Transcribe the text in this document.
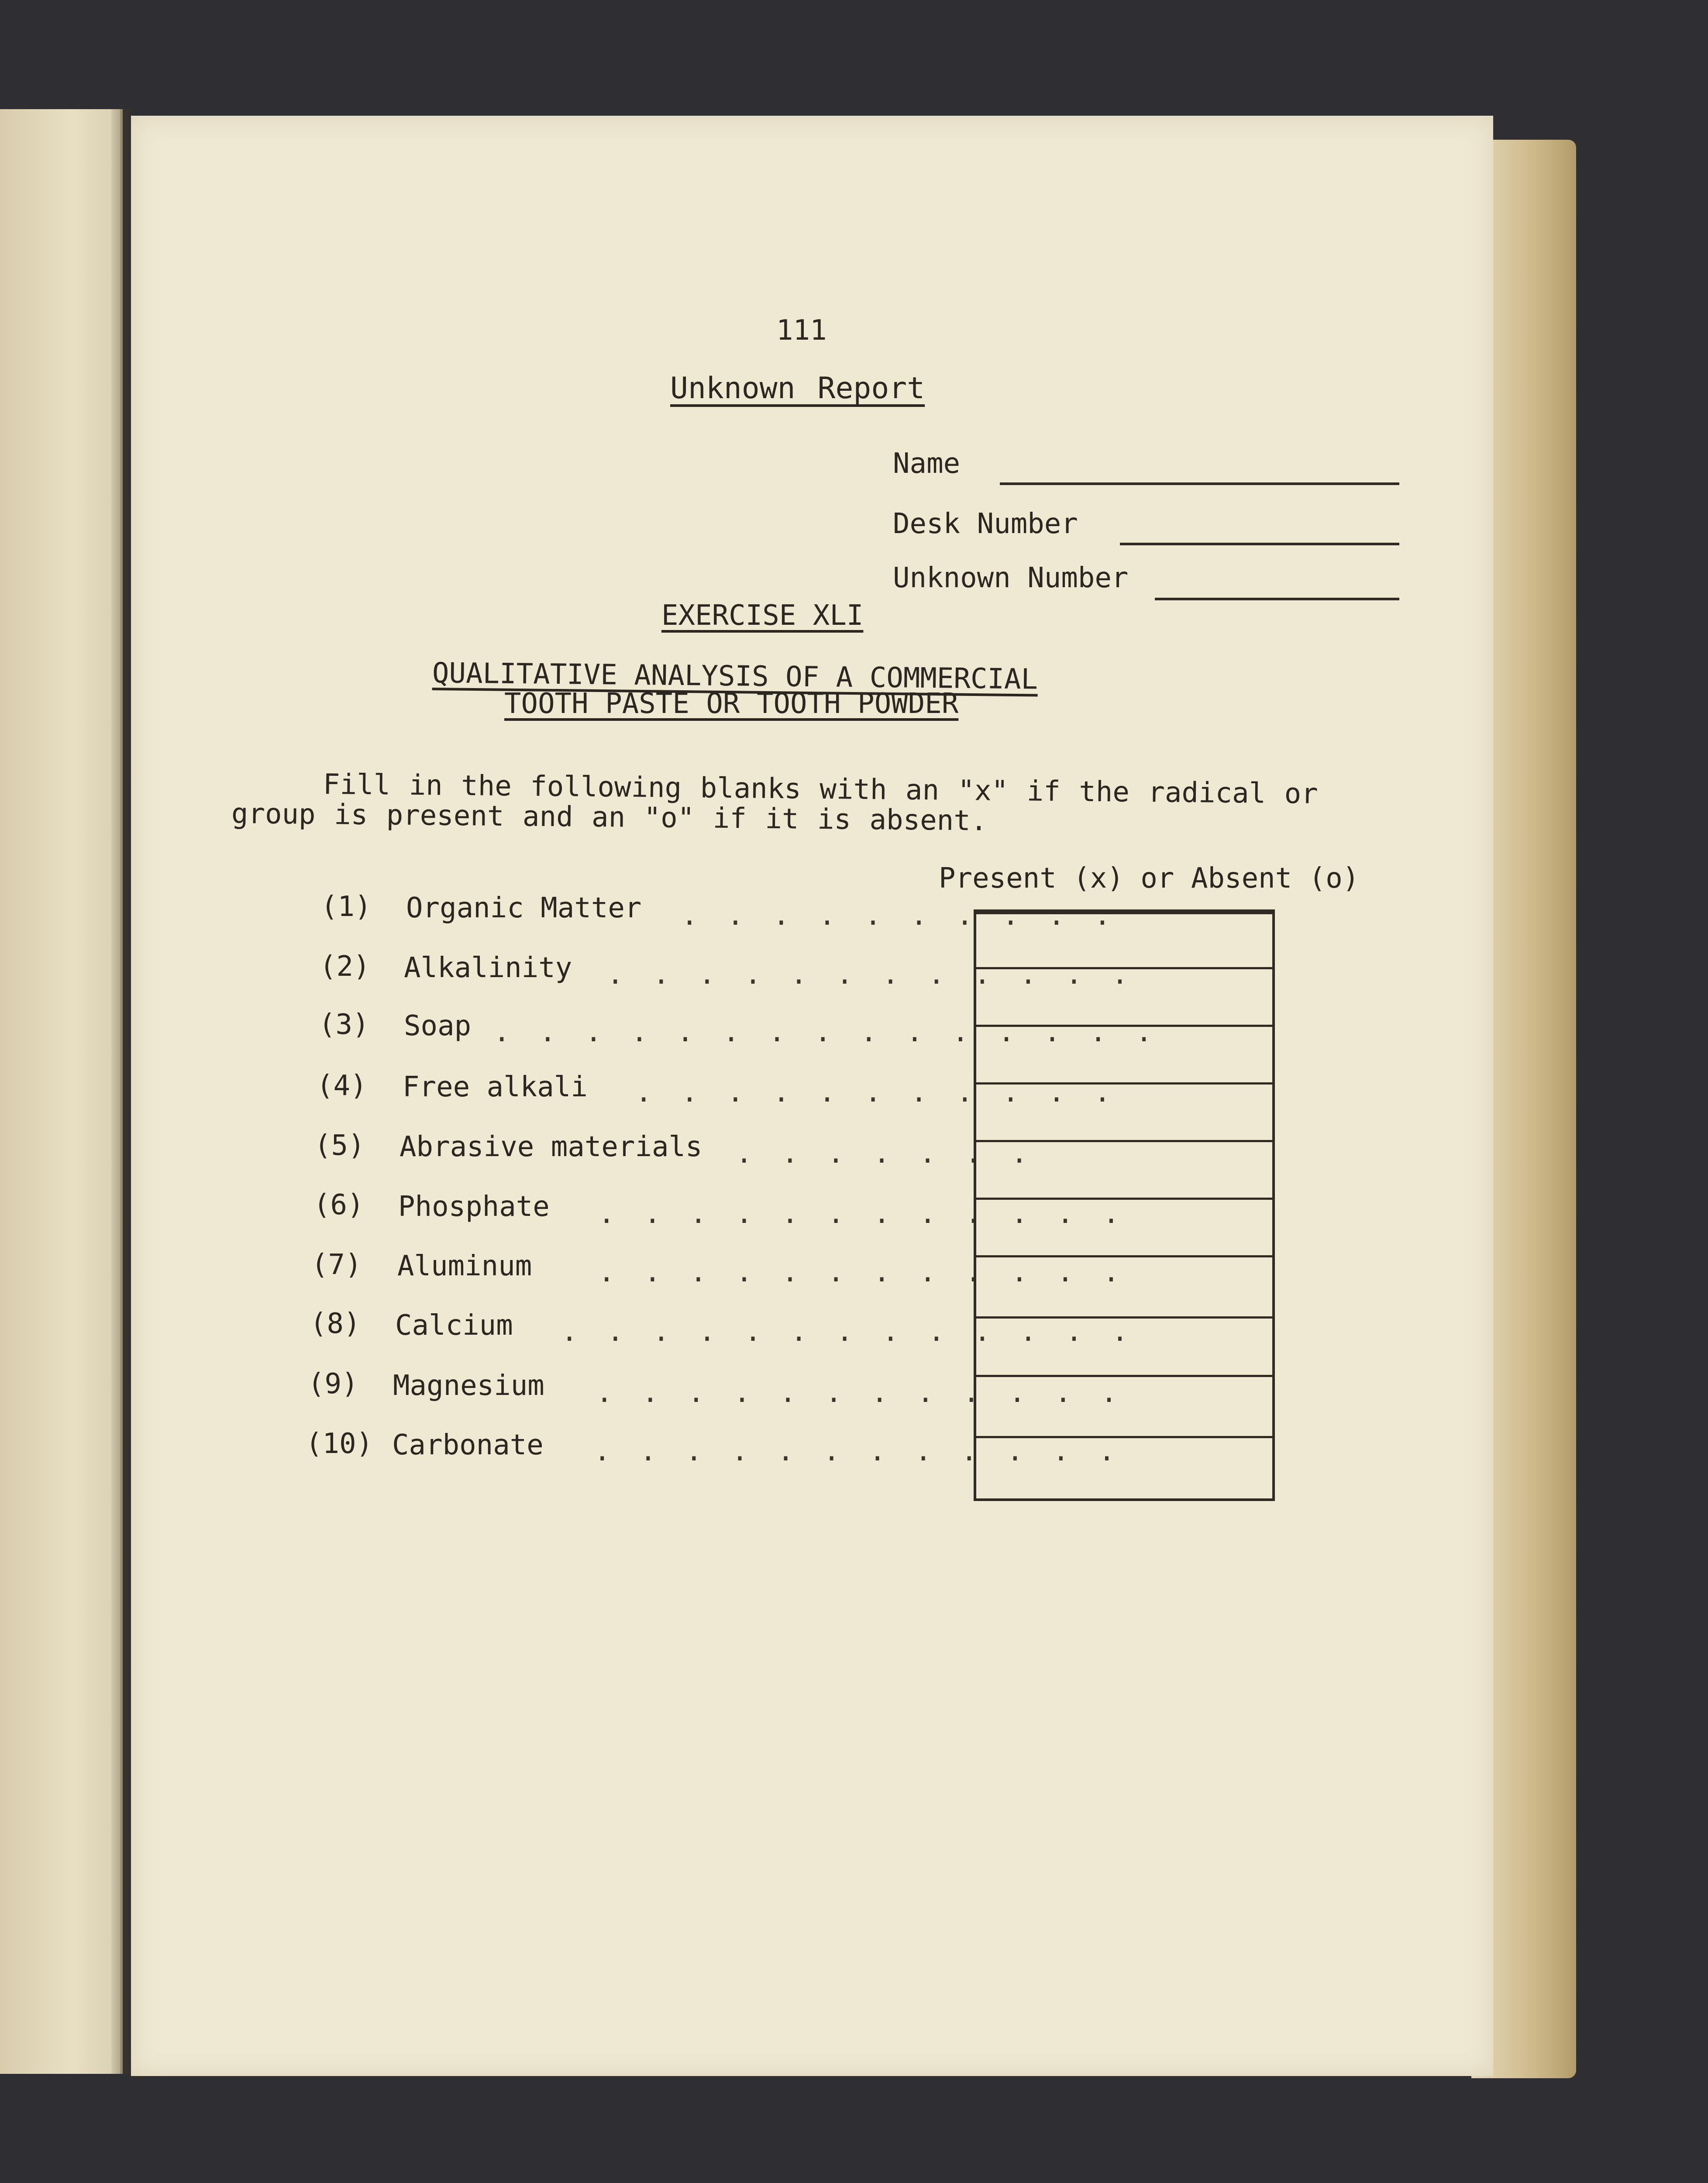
111
Unknown Report
Name
Desk Number
Unknown Number
EXERCISE XLI
QUALITATIVE ANALYSIS OF A COMMERCIAL
TOOTH PASTE OR TOOTH POWDER
Fill in the following blanks with an "x" if the radical or
group is present and an "o" if it is absent.
Present (x) or Absent (o)
(1) Organic Matter . . . . . . . . . .
(2) Alkalinity . . . . . . . . . . . .
(3) Soap . . . . . . . . . . . . . . .
(4) Free alkali . . . . . . . . . . .
(5) Abrasive materials . . . . . . .
(6) Phosphate . . . . . . . . . . . .
(7) Aluminum . . . . . . . . . . . .
(8) Calcium . . . . . . . . . . . . .
(9) Magnesium . . . . . . . . . . . .
(10) Carbonate . . . . . . . . . . . .
